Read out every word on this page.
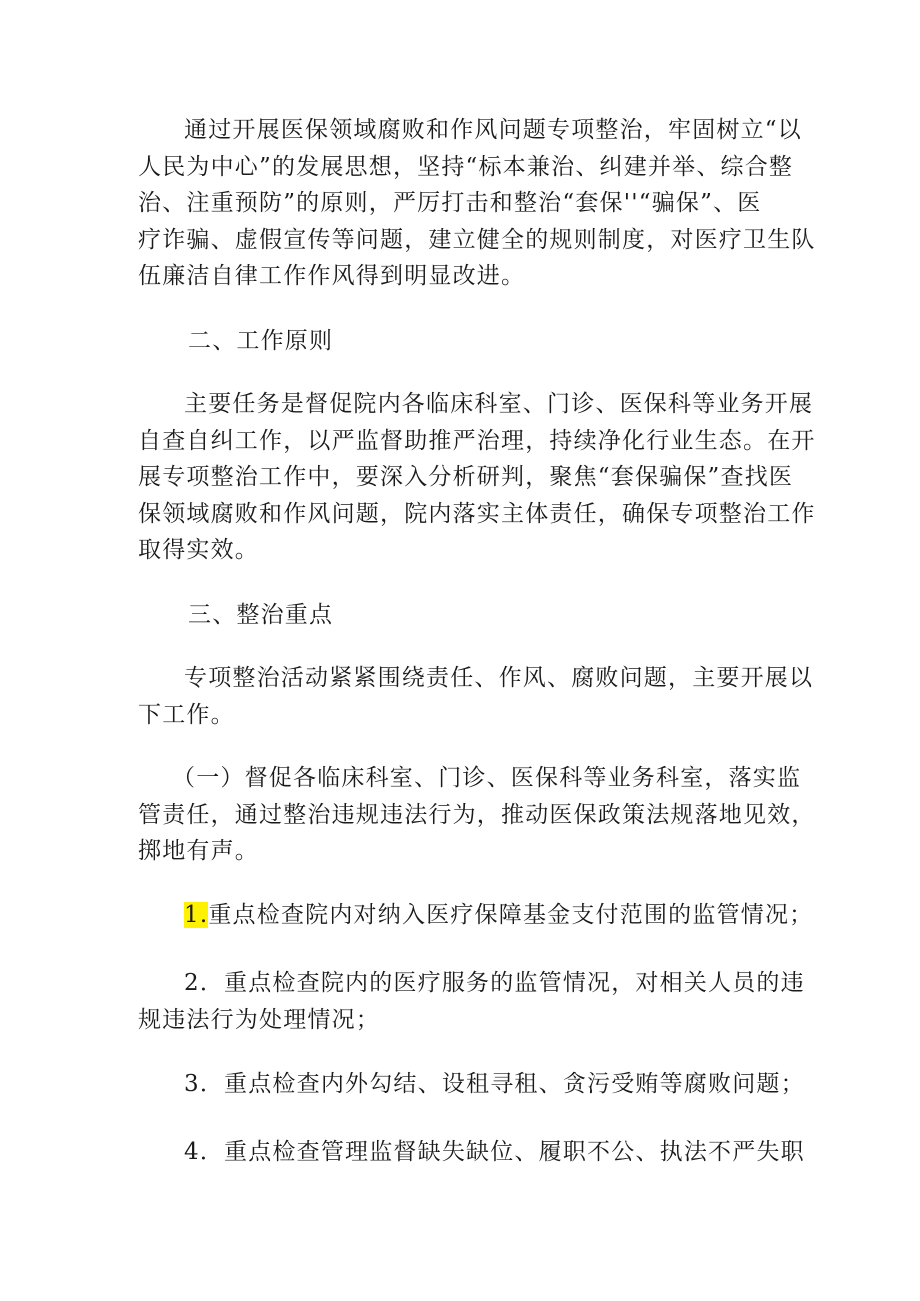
通过开展医保领域腐败和作风问题专项整治，牢固树立“以
人民为中心”的发展思想，坚持“标本兼治、纠建并举、综合整
治、注重预防”的原则，严厉打击和整治“套保''“骗保”、医
疗诈骗、虚假宣传等问题，建立健全的规则制度，对医疗卫生队
伍廉洁自律工作作风得到明显改进。
二、工作原则
主要任务是督促院内各临床科室、门诊、医保科等业务开展
自查自纠工作，以严监督助推严治理，持续净化行业生态。在开
展专项整治工作中，要深入分析研判，聚焦“套保骗保”查找医
保领域腐败和作风问题，院内落实主体责任，确保专项整治工作
取得实效。
三、整治重点
专项整治活动紧紧围绕责任、作风、腐败问题，主要开展以
下工作。
（一）督促各临床科室、门诊、医保科等业务科室，落实监
管责任，通过整治违规违法行为，推动医保政策法规落地见效，
掷地有声。
1.重点检查院内对纳入医疗保障基金支付范围的监管情况；
2．重点检查院内的医疗服务的监管情况，对相关人员的违
规违法行为处理情况；
3．重点检查内外勾结、设租寻租、贪污受贿等腐败问题；
4．重点检查管理监督缺失缺位、履职不公、执法不严失职
